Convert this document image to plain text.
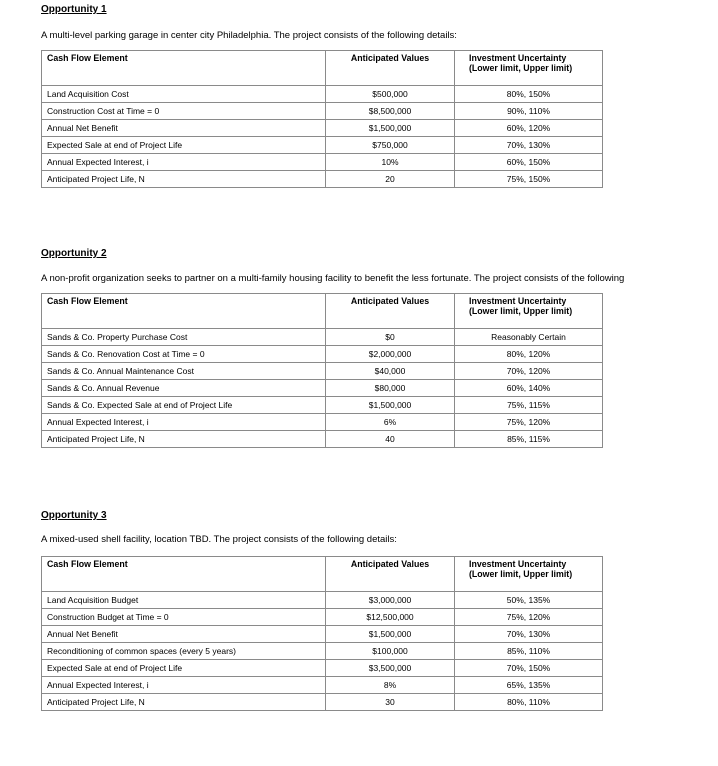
Opportunity 1

A multi-level parking garage in center city Philadelphia. The project consists of the following details:

Cash Flow Element	Anticipated Values	Investment Uncertainty
(Lower limit, Upper limit)
Land Acquisition Cost	$500,000	80%, 150%
Construction Cost at Time = 0	$8,500,000	90%, 110%
Annual Net Benefit	$1,500,000	60%, 120%
Expected Sale at end of Project Life	$750,000	70%, 130%
Annual Expected Interest, i	10%	60%, 150%
Anticipated Project Life, N	20	75%, 150%

Opportunity 2

A non-profit organization seeks to partner on a multi-family housing facility to benefit the less fortunate. The project consists of the following

Cash Flow Element	Anticipated Values	Investment Uncertainty
(Lower limit, Upper limit)
Sands & Co. Property Purchase Cost	$0	Reasonably Certain
Sands & Co. Renovation Cost at Time = 0	$2,000,000	80%, 120%
Sands & Co. Annual Maintenance Cost	$40,000	70%, 120%
Sands & Co. Annual Revenue	$80,000	60%, 140%
Sands & Co. Expected Sale at end of Project Life	$1,500,000	75%, 115%
Annual Expected Interest, i	6%	75%, 120%
Anticipated Project Life, N	40	85%, 115%

Opportunity 3

A mixed-used shell facility, location TBD. The project consists of the following details:

Cash Flow Element	Anticipated Values	Investment Uncertainty
(Lower limit, Upper limit)
Land Acquisition Budget	$3,000,000	50%, 135%
Construction Budget at Time = 0	$12,500,000	75%, 120%
Annual Net Benefit	$1,500,000	70%, 130%
Reconditioning of common spaces (every 5 years)	$100,000	85%, 110%
Expected Sale at end of Project Life	$3,500,000	70%, 150%
Annual Expected Interest, i	8%	65%, 135%
Anticipated Project Life, N	30	80%, 110%
